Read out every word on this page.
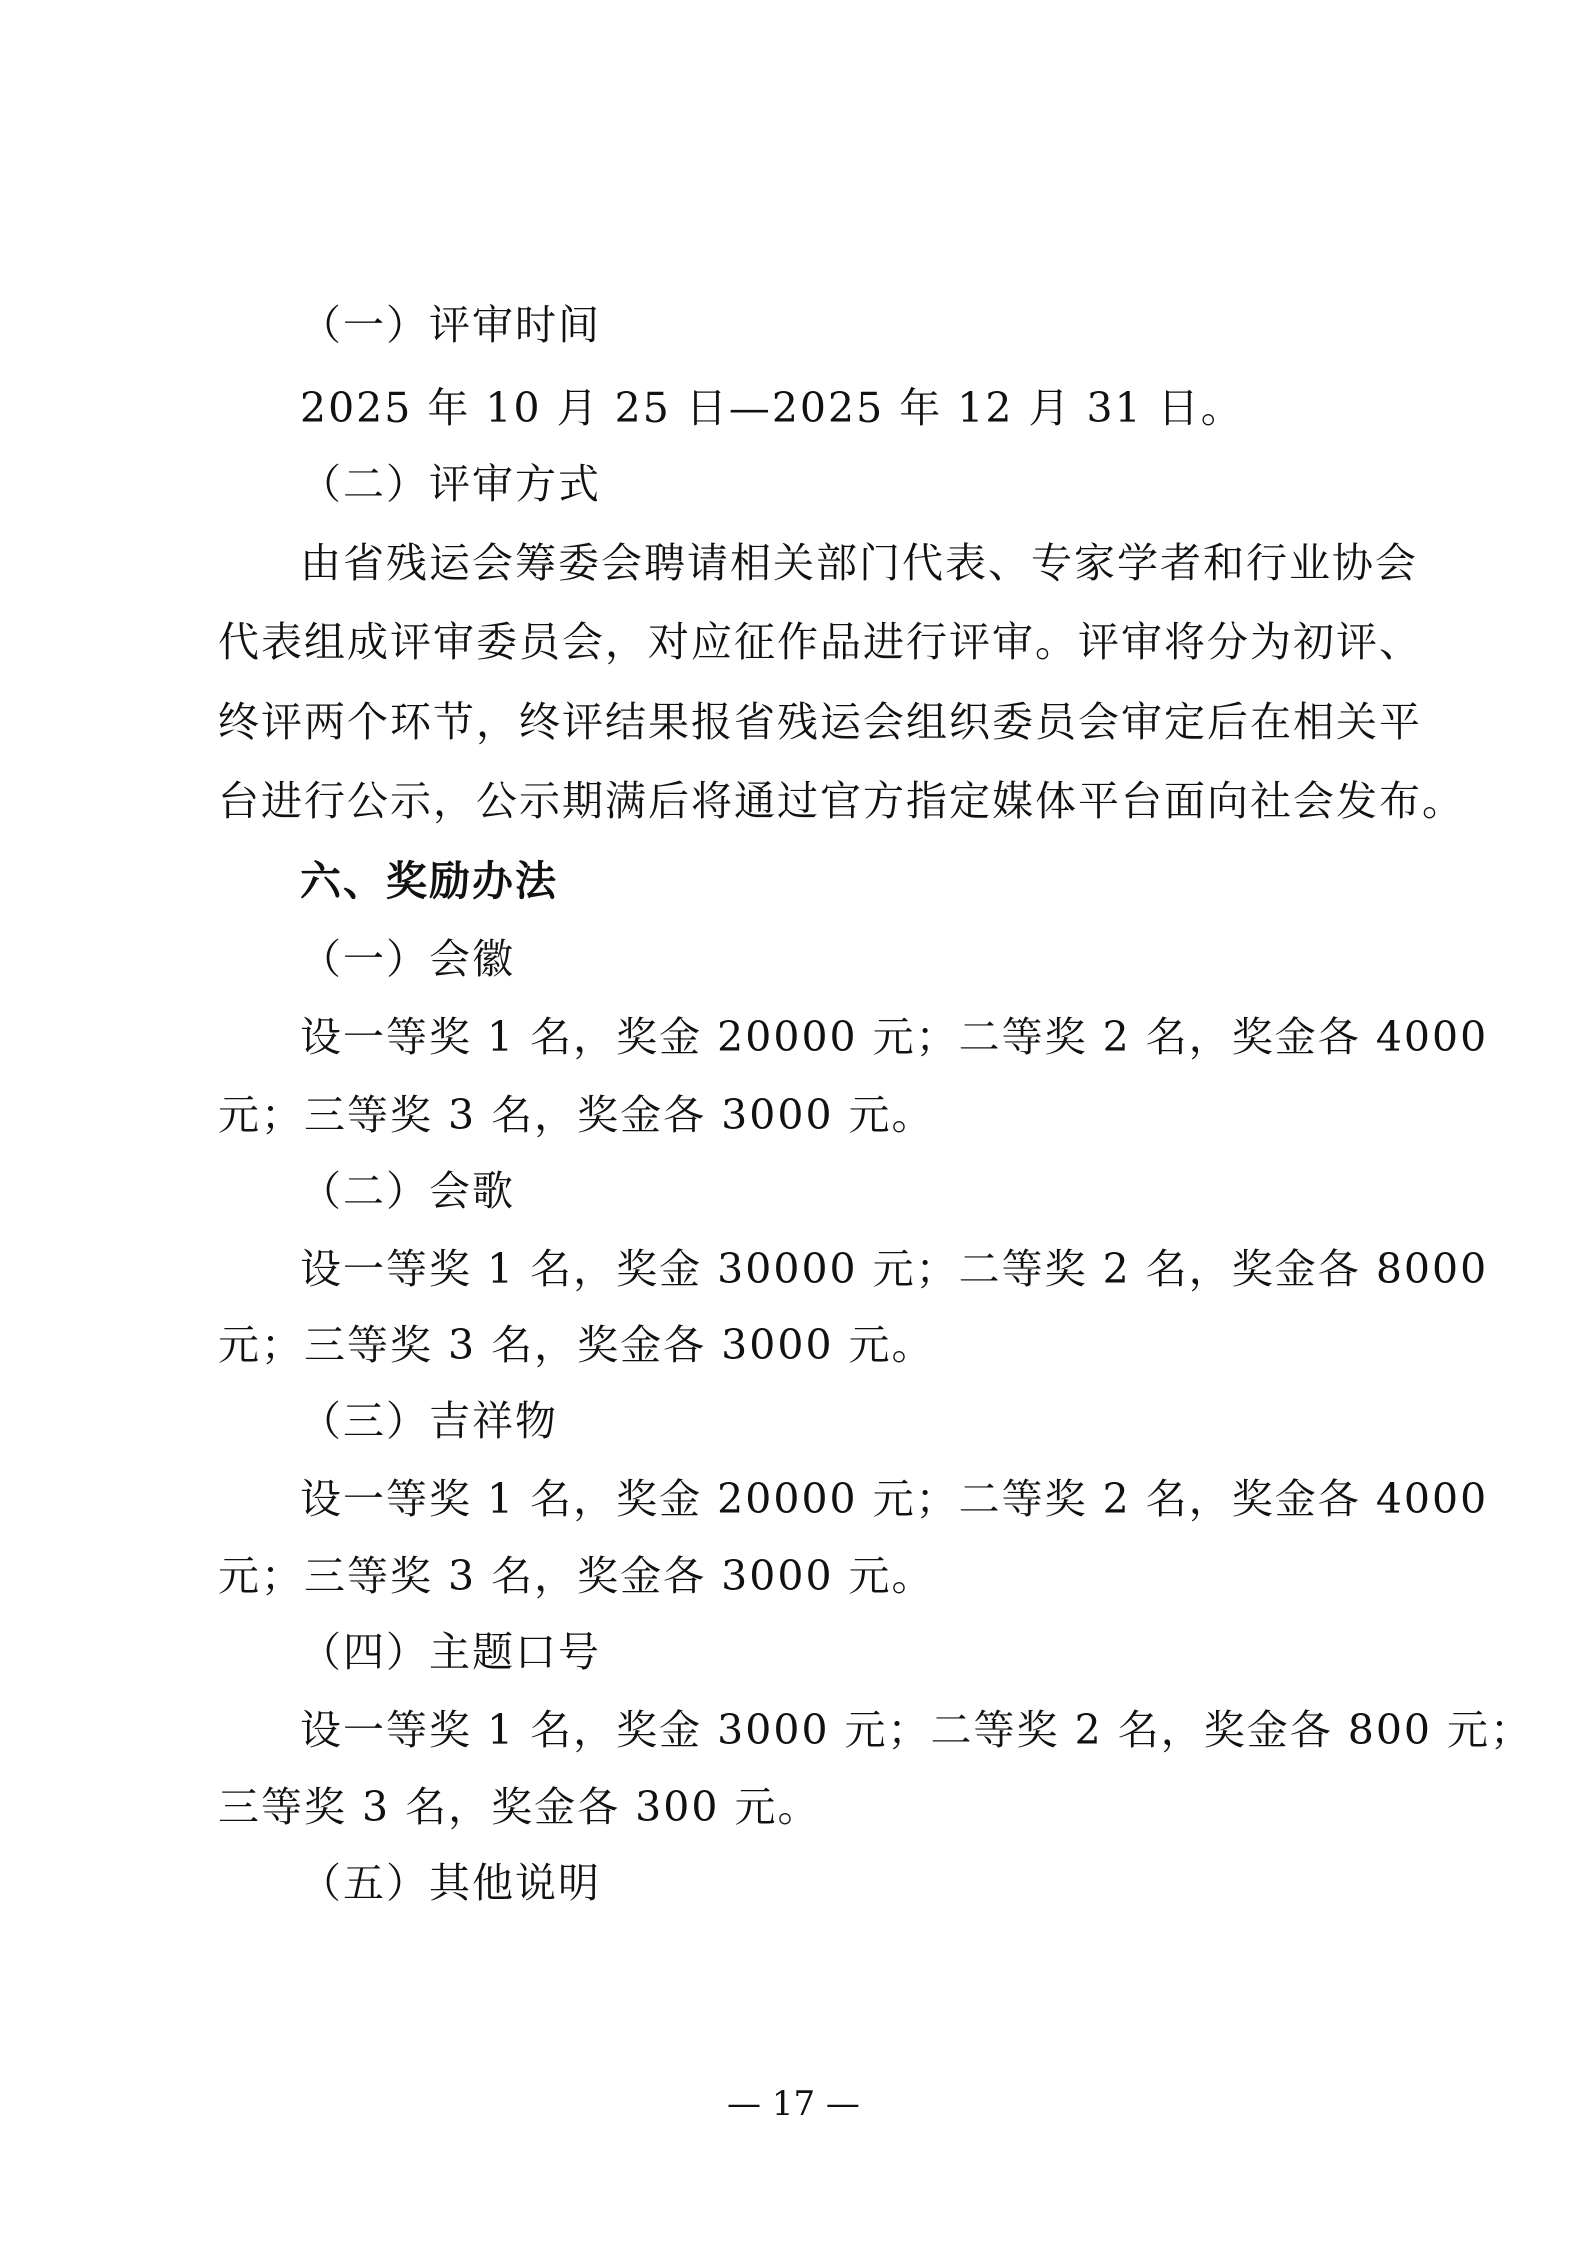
（一）评审时间
2025 年 10 月 25 日—2025 年 12 月 31 日。
（二）评审方式
由省残运会筹委会聘请相关部门代表、专家学者和行业协会
代表组成评审委员会，对应征作品进行评审。评审将分为初评、
终评两个环节，终评结果报省残运会组织委员会审定后在相关平
台进行公示，公示期满后将通过官方指定媒体平台面向社会发布。
六、奖励办法
（一）会徽
设一等奖 1 名，奖金 20000 元；二等奖 2 名，奖金各 4000
元；三等奖 3 名，奖金各 3000 元。
（二）会歌
设一等奖 1 名，奖金 30000 元；二等奖 2 名，奖金各 8000
元；三等奖 3 名，奖金各 3000 元。
（三）吉祥物
设一等奖 1 名，奖金 20000 元；二等奖 2 名，奖金各 4000
元；三等奖 3 名，奖金各 3000 元。
（四）主题口号
设一等奖 1 名，奖金 3000 元；二等奖 2 名，奖金各 800 元；
三等奖 3 名，奖金各 300 元。
（五）其他说明
— 17 —
